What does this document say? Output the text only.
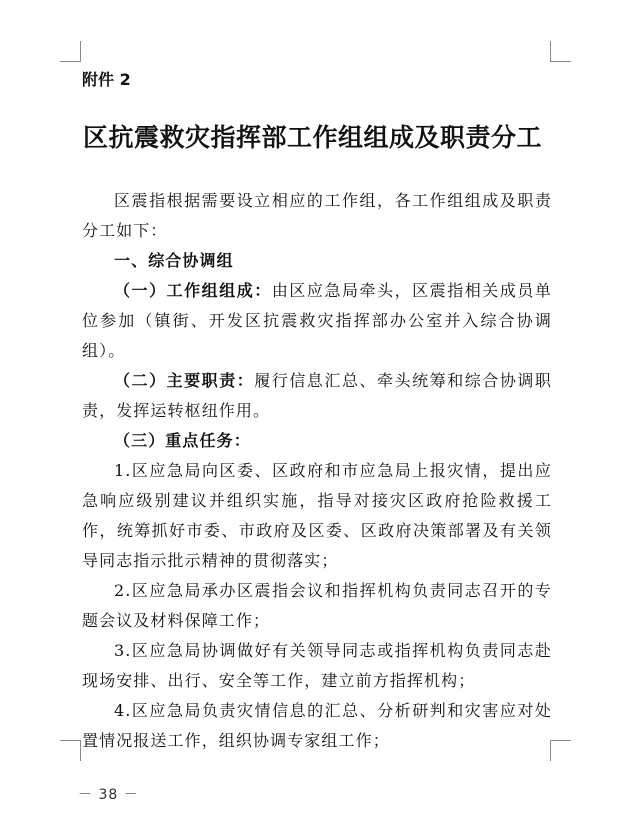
附件 2
区抗震救灾指挥部工作组组成及职责分工

区震指根据需要设立相应的工作组，各工作组组成及职责分工如下：

一、综合协调组

（一）工作组组成：由区应急局牵头，区震指相关成员单位参加（镇街、开发区抗震救灾指挥部办公室并入综合协调组）。

（二）主要职责：履行信息汇总、牵头统筹和综合协调职责，发挥运转枢纽作用。

（三）重点任务：

1.区应急局向区委、区政府和市应急局上报灾情，提出应急响应级别建议并组织实施，指导对接灾区政府抢险救援工作，统筹抓好市委、市政府及区委、区政府决策部署及有关领导同志指示批示精神的贯彻落实；

2.区应急局承办区震指会议和指挥机构负责同志召开的专题会议及材料保障工作；

3.区应急局协调做好有关领导同志或指挥机构负责同志赴现场安排、出行、安全等工作，建立前方指挥机构；

4.区应急局负责灾情信息的汇总、分析研判和灾害应对处置情况报送工作，组织协调专家组工作；

－ 38 －
